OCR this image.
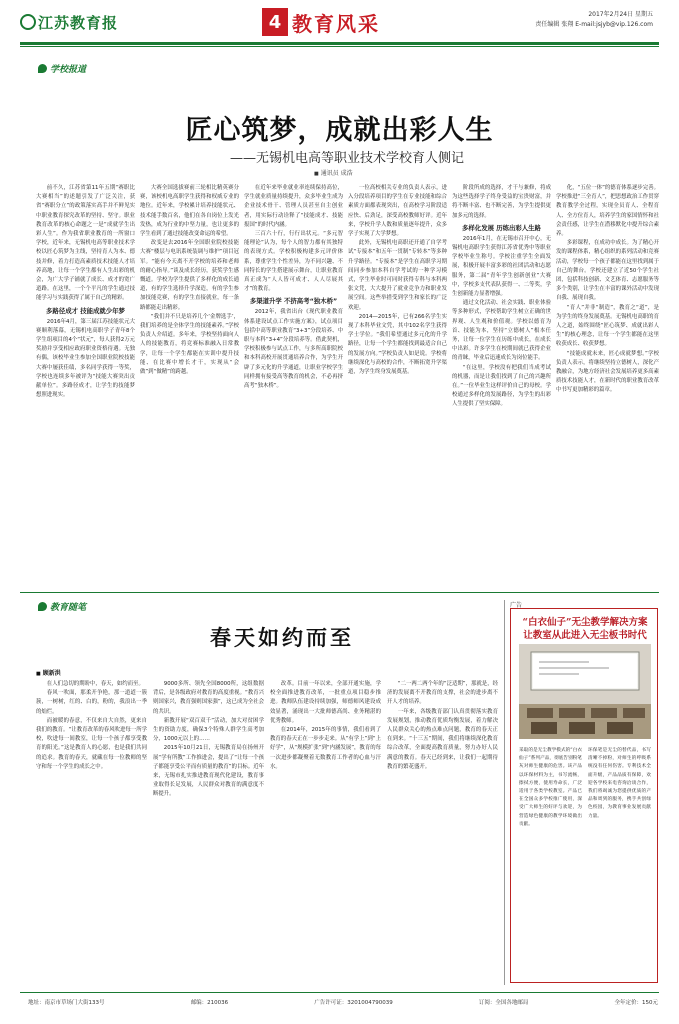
江苏教育报	4 教育风采	2017年2月24日 星期五
责任编辑 张翔 E-mail:jsjyb@vip.126.com
学校报道
匠心筑梦，成就出彩人生
——无锡机电高等职业技术学校育人侧记
■ 通讯员 成浩

前不久，江苏省第11年五期“赛职比大赛相当”的述题引发了广泛关注，获省“赛职分立”的政策落实高手并不鲜见实中职业教育探究改革的坚持、坚守。职业教育改革的核心命题之一是“成就学生出彩人生”。作为我省职业教育的一所窗口学校，近年来，无锡机电高等职业技术学校以匠心筑梦为主线，坚持育人为本、德技并修，着力打造高素质技术技能人才培养高地，让每一个学生都有人生出彩的机会，为广大学子铺就了成长、成才的宽广道路。在这里，一个个平凡的学生通过技能学习与实践获得了属于自己的精彩。

多路径成才 技能成就少年梦

2016年4月，第三届江苏技能状元大赛顺利落幕，无锡机电高职学子青年8个学生组项目的4个“状元”，每人获得2万元奖励并享受相应政府职业资格待遇。无独有偶，该校毕业生参加全国职业院校技能大赛中屡获佳绩，多名同学获得一等奖，学校也连续多年被评为“技能大赛突出贡献单位”。多路径成才，让学生的技能梦想照进现实。

大赛全国选拔赛前三轮相比精英赛分赛，该校机电高职学生获得和权威专业的地位。近年来，学校累计培养技能状元、技术能手数百名，他们在各自岗位上发光发热，成为行业的中坚力量，也让更多的学生看到了通过技能改变命运的希望。

改变是去2016年全国职业院校技能大赛“楼层与电讯系统装调与维护”项目冠军。“能有今天离不开学校的培养和老师的耐心指导。”谈及成长经历，获奖学生感慨道。学校为学生提供了多样化的成长通道，有的学生选择升学深造，有的学生参加技能竞赛，有的学生直接就业，每一条路都能走出精彩。

“我们并不只是培养几个‘金牌选手’，我们培养的是全体学生的技能素养。”学校负责人介绍道。多年来，学校坚持面向人人的技能教育，将竞赛标准融入日常教学，让每一个学生都能在实训中提升技能、在比赛中增长才干，实现从“会做”到“做精”的跨越。

在近年来毕业就业率连续保持高位，学生就业质量持续提升，众多毕业生成为企业技术骨干、管理人员甚至自主创业者，用实际行动诠释了“技能成才、技能报国”的时代内涵。

三百六十行，行行出状元。“多元智能理论”认为，每个人的智力都有其独特的表现方式。学校积极构建多元评价体系，尊重学生个性差异，为不同兴趣、不同特长的学生搭建展示舞台，让职业教育真正成为“人人皆可成才、人人尽展其才”的教育。

多渠道升学 不挤高考“独木桥”

2012年，我省出台《现代职业教育体系建设试点工作实施方案》，试点项目包括中高等职业教育“3+3”分段培养、中职与本科“3+4”分段培养等。借此契机，学校积极参与试点工作，与多所高职院校和本科高校开展贯通培养合作，为学生开辟了多元化的升学通道，让职业学校学生同样拥有接受高等教育的机会，不必再挤高考“独木桥”。

一位高校相关专业的负责人表示，进入分段培养项目的学生在专业技能和综合素质方面都表现突出，在高校学习阶段适应快、后劲足，深受高校教师好评。近年来，学校升学人数和质量逐年提升，众多学子实现了大学梦想。

此外，无锡机电高职还开通了自学考试“专接本”和五年一贯制“专转本”等多种升学路径。“专接本”是学生在高职学习期间同步参加本科自学考试的一种学习模式，学生毕业时可同时获得专科与本科两张文凭，大大提升了就业竞争力和职业发展空间。这些举措受到学生和家长的广泛欢迎。

2014—2015年，已有266名学生实现了本科毕业文凭，其中102名学生获得学士学位。“我们希望通过多元化的升学路径，让每一个学生都能找到最适合自己的发展方向。”学校负责人如是说。学校将继续深化与高校的合作，不断拓宽升学渠道，为学生终身发展奠基。

阶段所成的选择，才干与兼修，将成为这些选择学子终身受益的宝贵财富，并将不断丰富、也不断完善，为学生提供更加多元的选择。

多样化发展 历练出彩人生路

2016年1月，在无锡市召开中心，无锡机电高职学生获得江苏省优秀中等职业学校毕业生称号。学校注重学生全面发展，积极开展丰富多彩的社团活动和志愿服务，第二届“青年学生创新创业”大赛中，学校多支代表队获得一、二等奖，学生创新能力显著增强。

通过文化活动、社会实践、职业体验等多种形式，学校帮助学生树立正确的世界观、人生观和价值观。学校以德育为首、技能为本，坚持“立德树人”根本任务，让每一位学生在历练中成长，在成长中出彩。许多学生在校期间就已获得企业的青睐，毕业后迅速成长为岗位能手。

“在这里，学校没有把我们当成考试的机器，而是让我们找到了自己的兴趣所在。”一位毕业生这样评价自己的母校。学校通过多样化的发展路径，为学生的出彩人生提供了坚实保障。

化，“五位一体”的德育体系逐步完善。学校推进“三全育人”，把思想政治工作贯穿教育教学全过程，实现全员育人、全程育人、全方位育人，培养学生的家国情怀和社会责任感，让学生在潜移默化中提升综合素养。

多彩课程，在成功中成长。为了精心开发的课程体系，精心组织的系列活动和竞赛活动，学校每一个孩子都能在这里找到属于自己的舞台。学校还建立了近50个学生社团，包括科技创新、文艺体育、志愿服务等多个类别，让学生在丰富的课外活动中发现自我、展现自我。

“育人”并非“制造”，教育之“道”，是为学生的终身发展奠基。无锡机电高职的育人之道，始终围绕“匠心筑梦、成就出彩人生”的核心理念，让每一个学生都能在这里收获成长、收获梦想。

“技能成就未来，匠心成就梦想。”学校负责人表示，将继续坚持立德树人，深化产教融合，为地方经济社会发展培养更多高素质技术技能人才，在新时代的职业教育改革中书写更加精彩的篇章。

教育随笔
春天如约而至
■ 顾新洪

在人们急切的期盼中，春天，如约而至。

春风一吹面，那柔开争艳，那一道道一簇簇，一树树，红的、白的，粉的，我浪出一季的灿烂。

而被暖的春意，不仅来自大自然，更来自我们的教育。“让教育改革的春风吹进每一所学校，吹进每一间教室，让每一个孩子都享受教育的阳光。”这是教育人的心愿，也是我们共同的追求。教育的春天，就藏在每一位教师的坚守和每一个学生的成长之中。

9000多所、领先全国8000所，这组数据背后，是各级政府对教育的高度重视。“教育兴则国家兴，教育强则国家强”，这已成为全社会的共识。

新教开展“双百双千”活动，加大对贫困学生的资助力度，确保3个特殊人群学生高考加分，1000元以上的……

2015年10月21日，无锡教育局在扬州开展“学有所教”工作推进会，提出了“让每一个孩子都能享受公平而有质量的教育”的目标。近年来，无锡市扎实推进教育现代化建设，教育事业取得长足发展，人民群众对教育的满意度不断提升。

改革。目前一年以来，全部开通实施，学校全面推进教育改革，一批重点项目稳步推进。教师队伍建设持续加强，师德师风建设成效显著，涌现出一大批师德高尚、业务精湛的优秀教师。

在2014年，2015年的事情，我们看到了教育的春天正在一步步走来。从“有学上”到“上好学”，从“规模扩张”到“内涵发展”，教育的每一次进步都凝聚着无数教育工作者的心血与汗水。

“二一两二两个年的“泛适期”，那就是，经济的发展离不开教育的支撑，社会的进步离不开人才的培养。

一年来，各级教育部门认真贯彻落实教育发展规划，推动教育优质均衡发展，着力解决人民群众关心的热点难点问题，教育的春天正在到来。“十三五”期间，我们将继续深化教育综合改革，全面提高教育质量，努力办好人民满意的教育。春天已经到来，让我们一起期待教育的繁花盛开。

广告
“白衣仙子”无尘教学解决方案 让教室从此进入无尘板书时代
采取的是无尘教学模式的“白衣仙子”系列产品，彻底告别粉笔灰对师生健康的危害。该产品以环保材料为主，书写流畅，擦拭方便，使用寿命长，广泛适用于各类学校教室。产品已在全国众多学校推广使用，深受广大师生的好评与欢迎，为营造绿色健康的教学环境做出贡献。
环保笔是无尘的替代品，书写清晰不掉粉，对师生的呼吸系统没有任何伤害。专利技术全面升级，产品品质有保障，欢迎各学校来电咨询洽谈合作，我们将竭诚为您提供优质的产品和周到的服务，携手共创绿色校园，为教育事业发展贡献力量。
地址：南京市草场门大街133号	邮编：210036	广告许可证：3201004790039	订阅：全国各地邮局	全年定价：150元
